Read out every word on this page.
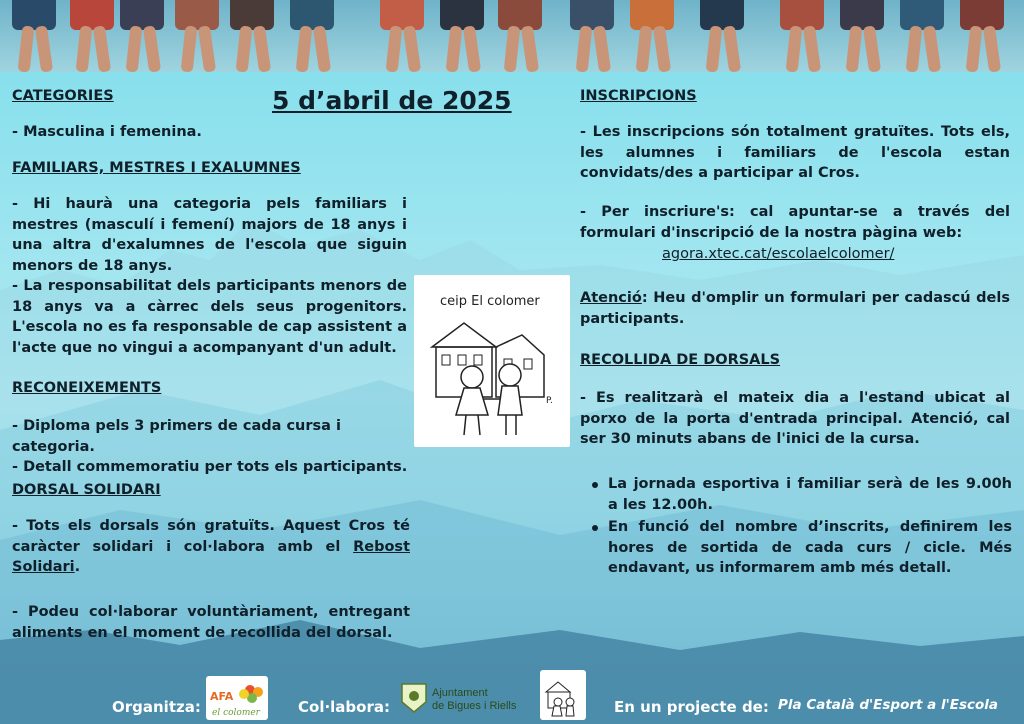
CATEGORIES	5 d’abril de 2025
- Masculina i femenina.
FAMILIARS, MESTRES I EXALUMNES

- Hi haurà una categoria pels familiars i mestres (masculí i femení) majors de 18 anys i una altra d'exalumnes de l'escola que siguin menors de 18 anys.

- La responsabilitat dels participants menors de 18 anys va a càrrec dels seus progenitors. L'escola no es fa responsable de cap assistent a l'acte que no vingui a acompanyant d'un adult.

RECONEIXEMENTS

- Diploma pels 3 primers de cada cursa i categoria.

- Detall commemoratiu per tots els participants.

DORSAL SOLIDARI
- Tots els dorsals són gratuïts. Aquest Cros té caràcter solidari i col·labora amb el Rebost Solidari.
- Podeu col·laborar voluntàriament, entregant aliments en el moment de recollida del dorsal.
ceip El colomer
P.
INSCRIPCIONS
- Les inscripcions són totalment gratuïtes. Tots els, les alumnes i familiars de l'escola estan convidats/des a participar al Cros.
- Per inscriure's: cal apuntar-se a través del formulari d'inscripció de la nostra pàgina web:
agora.xtec.cat/escolaelcolomer/
Atenció: Heu d'omplir un formulari per cadascú dels participants.
RECOLLIDA DE DORSALS
- Es realitzarà el mateix dia a l'estand ubicat al porxo de la porta d'entrada principal. Atenció, cal ser 30 minuts abans de l'inici de la cursa.
La jornada esportiva i familiar serà de les 9.00h a les 12.00h.
En funció del nombre d’inscrits, definirem les hores de sortida de cada curs / cicle. Més endavant, us informarem amb més detall.
Organitza:
AFA
el colomer	Col·labora:
Ajuntament
de Bigues i Riells	En un projecte de: Pla Català d'Esport a l'Escola
